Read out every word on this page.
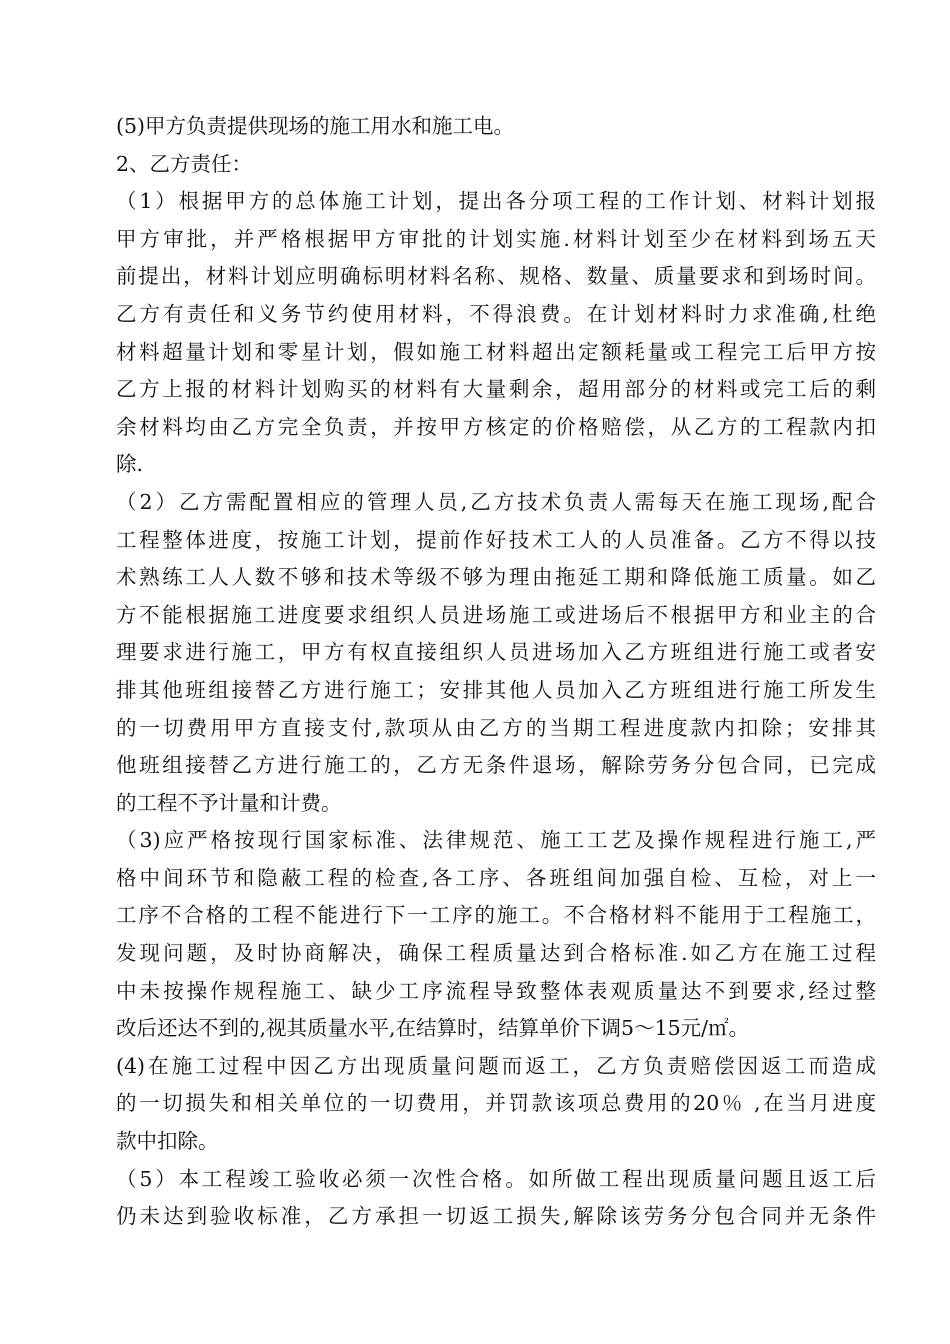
(5)甲方负责提供现场的施工用水和施工电。
2、乙方责任：
（1）根据甲方的总体施工计划，提出各分项工程的工作计划、材料计划报
甲方审批，并严格根据甲方审批的计划实施.材料计划至少在材料到场五天
前提出，材料计划应明确标明材料名称、规格、数量、质量要求和到场时间。
乙方有责任和义务节约使用材料，不得浪费。在计划材料时力求准确,杜绝
材料超量计划和零星计划，假如施工材料超出定额耗量或工程完工后甲方按
乙方上报的材料计划购买的材料有大量剩余，超用部分的材料或完工后的剩
余材料均由乙方完全负责，并按甲方核定的价格赔偿，从乙方的工程款内扣
除.
（2）乙方需配置相应的管理人员,乙方技术负责人需每天在施工现场,配合
工程整体进度，按施工计划，提前作好技术工人的人员准备。乙方不得以技
术熟练工人人数不够和技术等级不够为理由拖延工期和降低施工质量。如乙
方不能根据施工进度要求组织人员进场施工或进场后不根据甲方和业主的合
理要求进行施工，甲方有权直接组织人员进场加入乙方班组进行施工或者安
排其他班组接替乙方进行施工；安排其他人员加入乙方班组进行施工所发生
的一切费用甲方直接支付,款项从由乙方的当期工程进度款内扣除；安排其
他班组接替乙方进行施工的，乙方无条件退场，解除劳务分包合同，已完成
的工程不予计量和计费。
（3)应严格按现行国家标准、法律规范、施工工艺及操作规程进行施工,严
格中间环节和隐蔽工程的检查,各工序、各班组间加强自检、互检，对上一
工序不合格的工程不能进行下一工序的施工。不合格材料不能用于工程施工，
发现问题，及时协商解决，确保工程质量达到合格标准.如乙方在施工过程
中未按操作规程施工、缺少工序流程导致整体表观质量达不到要求,经过整
改后还达不到的,视其质量水平,在结算时，结算单价下调5～15元/㎡。
(4)在施工过程中因乙方出现质量问题而返工，乙方负责赔偿因返工而造成
的一切损失和相关单位的一切费用，并罚款该项总费用的20％ ,在当月进度
款中扣除。
（5）本工程竣工验收必须一次性合格。如所做工程出现质量问题且返工后
仍未达到验收标准，乙方承担一切返工损失,解除该劳务分包合同并无条件
